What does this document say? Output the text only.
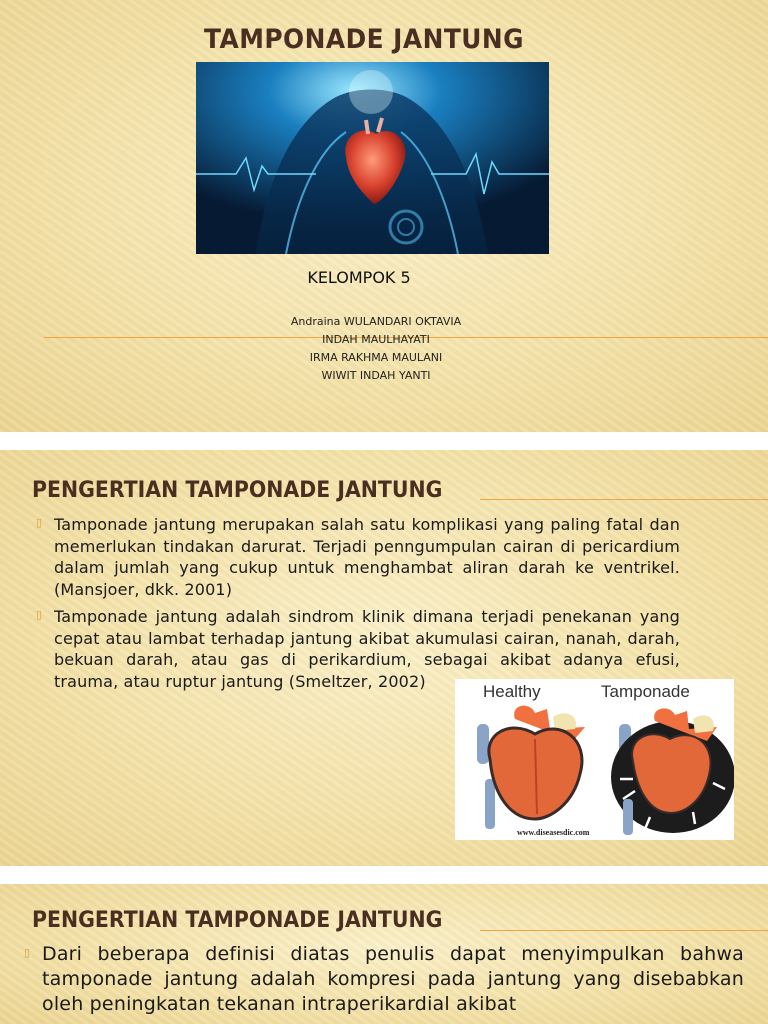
TAMPONADE JANTUNG
KELOMPOK 5
Andraina WULANDARI OKTAVIA
INDAH MAULHAYATI
IRMA RAKHMA MAULANI
WIWIT INDAH YANTI
PENGERTIAN TAMPONADE JANTUNG
▯ Tamponade jantung merupakan salah satu komplikasi yang paling fatal dan memerlukan tindakan darurat. Terjadi penngumpulan cairan di pericardium dalam jumlah yang cukup untuk menghambat aliran darah ke ventrikel. (Mansjoer, dkk. 2001)
▯ Tamponade jantung adalah sindrom klinik dimana terjadi penekanan yang cepat atau lambat terhadap jantung akibat akumulasi cairan, nanah, darah, bekuan darah, atau gas di perikardium, sebagai akibat adanya efusi, trauma, atau ruptur jantung (Smeltzer, 2002)
Healthy	Tamponade
www.diseasesdic.com
PENGERTIAN TAMPONADE JANTUNG
▯ Dari beberapa definisi diatas penulis dapat menyimpulkan bahwa tamponade jantung adalah kompresi pada jantung yang disebabkan oleh peningkatan tekanan intraperikardial akibat
